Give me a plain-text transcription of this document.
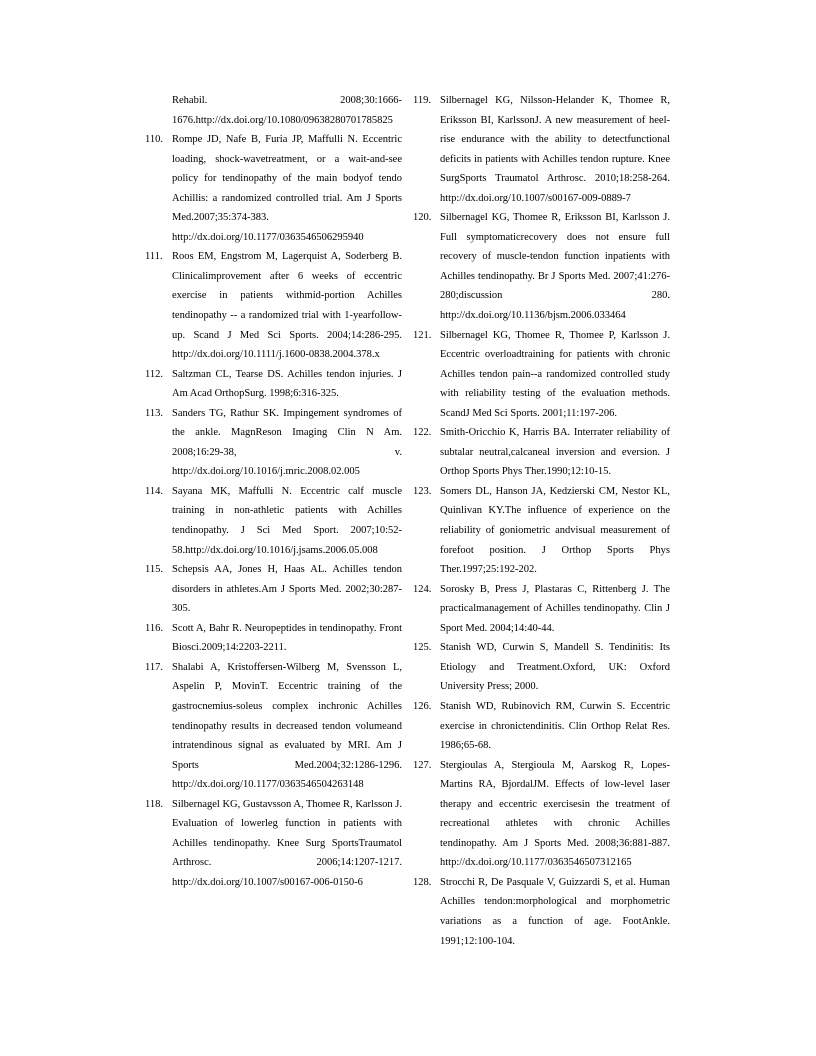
Rehabil. 2008;30:1666-1676.http://dx.doi.org/10.1080/09638280701785825
110. Rompe JD, Nafe B, Furia JP, Maffulli N. Eccentric loading, shock-wavetreatment, or a wait-and-see policy for tendinopathy of the main bodyof tendo Achillis: a randomized controlled trial. Am J Sports Med.2007;35:374-383. http://dx.doi.org/10.1177/0363546506295940
111. Roos EM, Engstrom M, Lagerquist A, Soderberg B. Clinicalimprovement after 6 weeks of eccentric exercise in patients withmid-portion Achilles tendinopathy -- a randomized trial with 1-yearfollow-up. Scand J Med Sci Sports. 2004;14:286-295. http://dx.doi.org/10.1111/j.1600-0838.2004.378.x
112. Saltzman CL, Tearse DS. Achilles tendon injuries. J Am Acad OrthopSurg. 1998;6:316-325.
113. Sanders TG, Rathur SK. Impingement syndromes of the ankle. MagnReson Imaging Clin N Am. 2008;16:29-38, v. http://dx.doi.org/10.1016/j.mric.2008.02.005
114. Sayana MK, Maffulli N. Eccentric calf muscle training in non-athletic patients with Achilles tendinopathy. J Sci Med Sport. 2007;10:52-58.http://dx.doi.org/10.1016/j.jsams.2006.05.008
115. Schepsis AA, Jones H, Haas AL. Achilles tendon disorders in athletes.Am J Sports Med. 2002;30:287-305.
116. Scott A, Bahr R. Neuropeptides in tendinopathy. Front Biosci.2009;14:2203-2211.
117. Shalabi A, Kristoffersen-Wilberg M, Svensson L, Aspelin P, MovinT. Eccentric training of the gastrocnemius-soleus complex inchronic Achilles tendinopathy results in decreased tendon volumeand intratendinous signal as evaluated by MRI. Am J Sports Med.2004;32:1286-1296. http://dx.doi.org/10.1177/0363546504263148
118. Silbernagel KG, Gustavsson A, Thomee R, Karlsson J. Evaluation of lowerleg function in patients with Achilles tendinopathy. Knee Surg SportsTraumatol Arthrosc. 2006;14:1207-1217. http://dx.doi.org/10.1007/s00167-006-0150-6
119. Silbernagel KG, Nilsson-Helander K, Thomee R, Eriksson BI, KarlssonJ. A new measurement of heel-rise endurance with the ability to detectfunctional deficits in patients with Achilles tendon rupture. Knee SurgSports Traumatol Arthrosc. 2010;18:258-264. http://dx.doi.org/10.1007/s00167-009-0889-7
120. Silbernagel KG, Thomee R, Eriksson BI, Karlsson J. Full symptomaticrecovery does not ensure full recovery of muscle-tendon function inpatients with Achilles tendinopathy. Br J Sports Med. 2007;41:276-280;discussion 280. http://dx.doi.org/10.1136/bjsm.2006.033464
121. Silbernagel KG, Thomee R, Thomee P, Karlsson J. Eccentric overloadtraining for patients with chronic Achilles tendon pain--a randomized controlled study with reliability testing of the evaluation methods. ScandJ Med Sci Sports. 2001;11:197-206.
122. Smith-Oricchio K, Harris BA. Interrater reliability of subtalar neutral,calcaneal inversion and eversion. J Orthop Sports Phys Ther.1990;12:10-15.
123. Somers DL, Hanson JA, Kedzierski CM, Nestor KL, Quinlivan KY.The influence of experience on the reliability of goniometric andvisual measurement of forefoot position. J Orthop Sports Phys Ther.1997;25:192-202.
124. Sorosky B, Press J, Plastaras C, Rittenberg J. The practicalmanagement of Achilles tendinopathy. Clin J Sport Med. 2004;14:40-44.
125. Stanish WD, Curwin S, Mandell S. Tendinitis: Its Etiology and Treatment.Oxford, UK: Oxford University Press; 2000.
126. Stanish WD, Rubinovich RM, Curwin S. Eccentric exercise in chronictendinitis. Clin Orthop Relat Res. 1986;65-68.
127. Stergioulas A, Stergioula M, Aarskog R, Lopes-Martins RA, BjordalJM. Effects of low-level laser therapy and eccentric exercisesin the treatment of recreational athletes with chronic Achilles tendinopathy. Am J Sports Med. 2008;36:881-887. http://dx.doi.org/10.1177/0363546507312165
128. Strocchi R, De Pasquale V, Guizzardi S, et al. Human Achilles tendon:morphological and morphometric variations as a function of age. FootAnkle. 1991;12:100-104.
